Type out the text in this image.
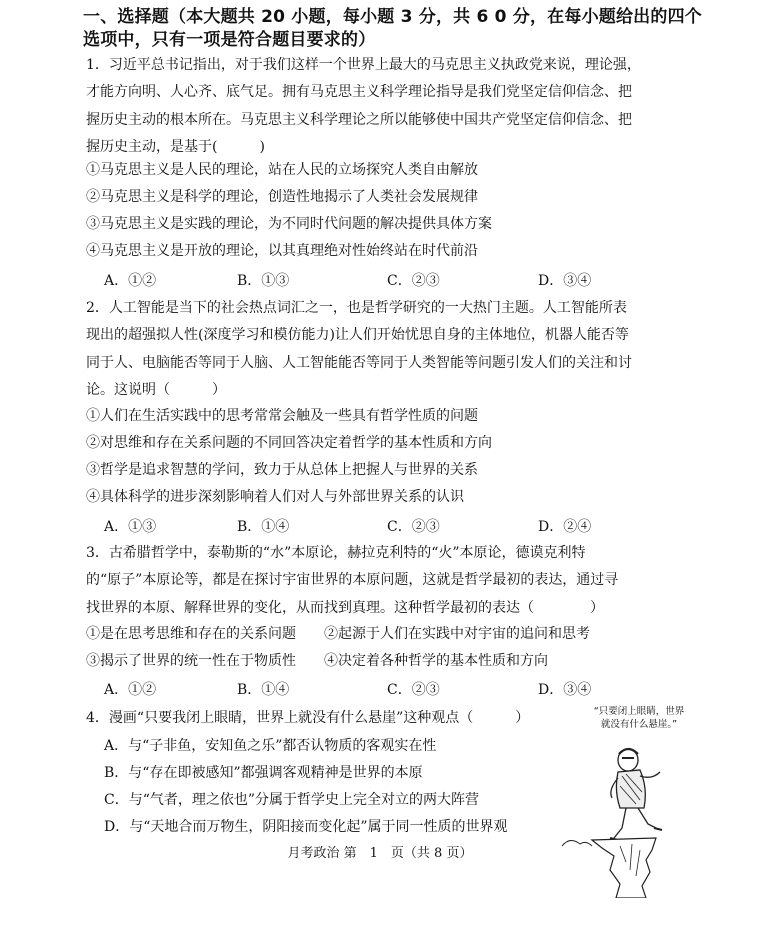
一、选择题（本大题共 20 小题，每小题 3 分，共 6 0 分，在每小题给出的四个
选项中，只有一项是符合题目要求的）
1．习近平总书记指出，对于我们这样一个世界上最大的马克思主义执政党来说，理论强，
才能方向明、人心齐、底气足。拥有马克思主义科学理论指导是我们党坚定信仰信念、把
握历史主动的根本所在。马克思主义科学理论之所以能够使中国共产党坚定信仰信念、把
握历史主动，是基于(　　　)
①马克思主义是人民的理论，站在人民的立场探究人类自由解放
②马克思主义是科学的理论，创造性地揭示了人类社会发展规律
③马克思主义是实践的理论，为不同时代问题的解决提供具体方案
④马克思主义是开放的理论，以其真理绝对性始终站在时代前沿
A．①②	B．①③	C．②③	D．③④
2．人工智能是当下的社会热点词汇之一，也是哲学研究的一大热门主题。人工智能所表
现出的超强拟人性(深度学习和模仿能力)让人们开始忧思自身的主体地位，机器人能否等
同于人、电脑能否等同于人脑、人工智能能否等同于人类智能等问题引发人们的关注和讨
论。这说明（　　　）
①人们在生活实践中的思考常常会触及一些具有哲学性质的问题
②对思维和存在关系问题的不同回答决定着哲学的基本性质和方向
③哲学是追求智慧的学问，致力于从总体上把握人与世界的关系
④具体科学的进步深刻影响着人们对人与外部世界关系的认识
A．①③	B．①④	C．②③	D．②④
3．古希腊哲学中，泰勒斯的“水”本原论，赫拉克利特的“火”本原论，德谟克利特
的“原子”本原论等，都是在探讨宇宙世界的本原问题，这就是哲学最初的表达，通过寻
找世界的本原、解释世界的变化，从而找到真理。这种哲学最初的表达（　　　　）
①是在思考思维和存在的关系问题　　②起源于人们在实践中对宇宙的追问和思考
③揭示了世界的统一性在于物质性　　④决定着各种哲学的基本性质和方向
A．①②	B．①④	C．②③	D．③④
4．漫画“只要我闭上眼睛，世界上就没有什么悬崖”这种观点（　　　）
A．与“子非鱼，安知鱼之乐”都否认物质的客观实在性
B．与“存在即被感知”都强调客观精神是世界的本原
C．与“气者，理之依也”分属于哲学史上完全对立的两大阵营
D．与“天地合而万物生，阴阳接而变化起”属于同一性质的世界观
“只要闭上眼睛，世界
就没有什么悬崖。”
月考政治 第　1　页（共 8 页）
